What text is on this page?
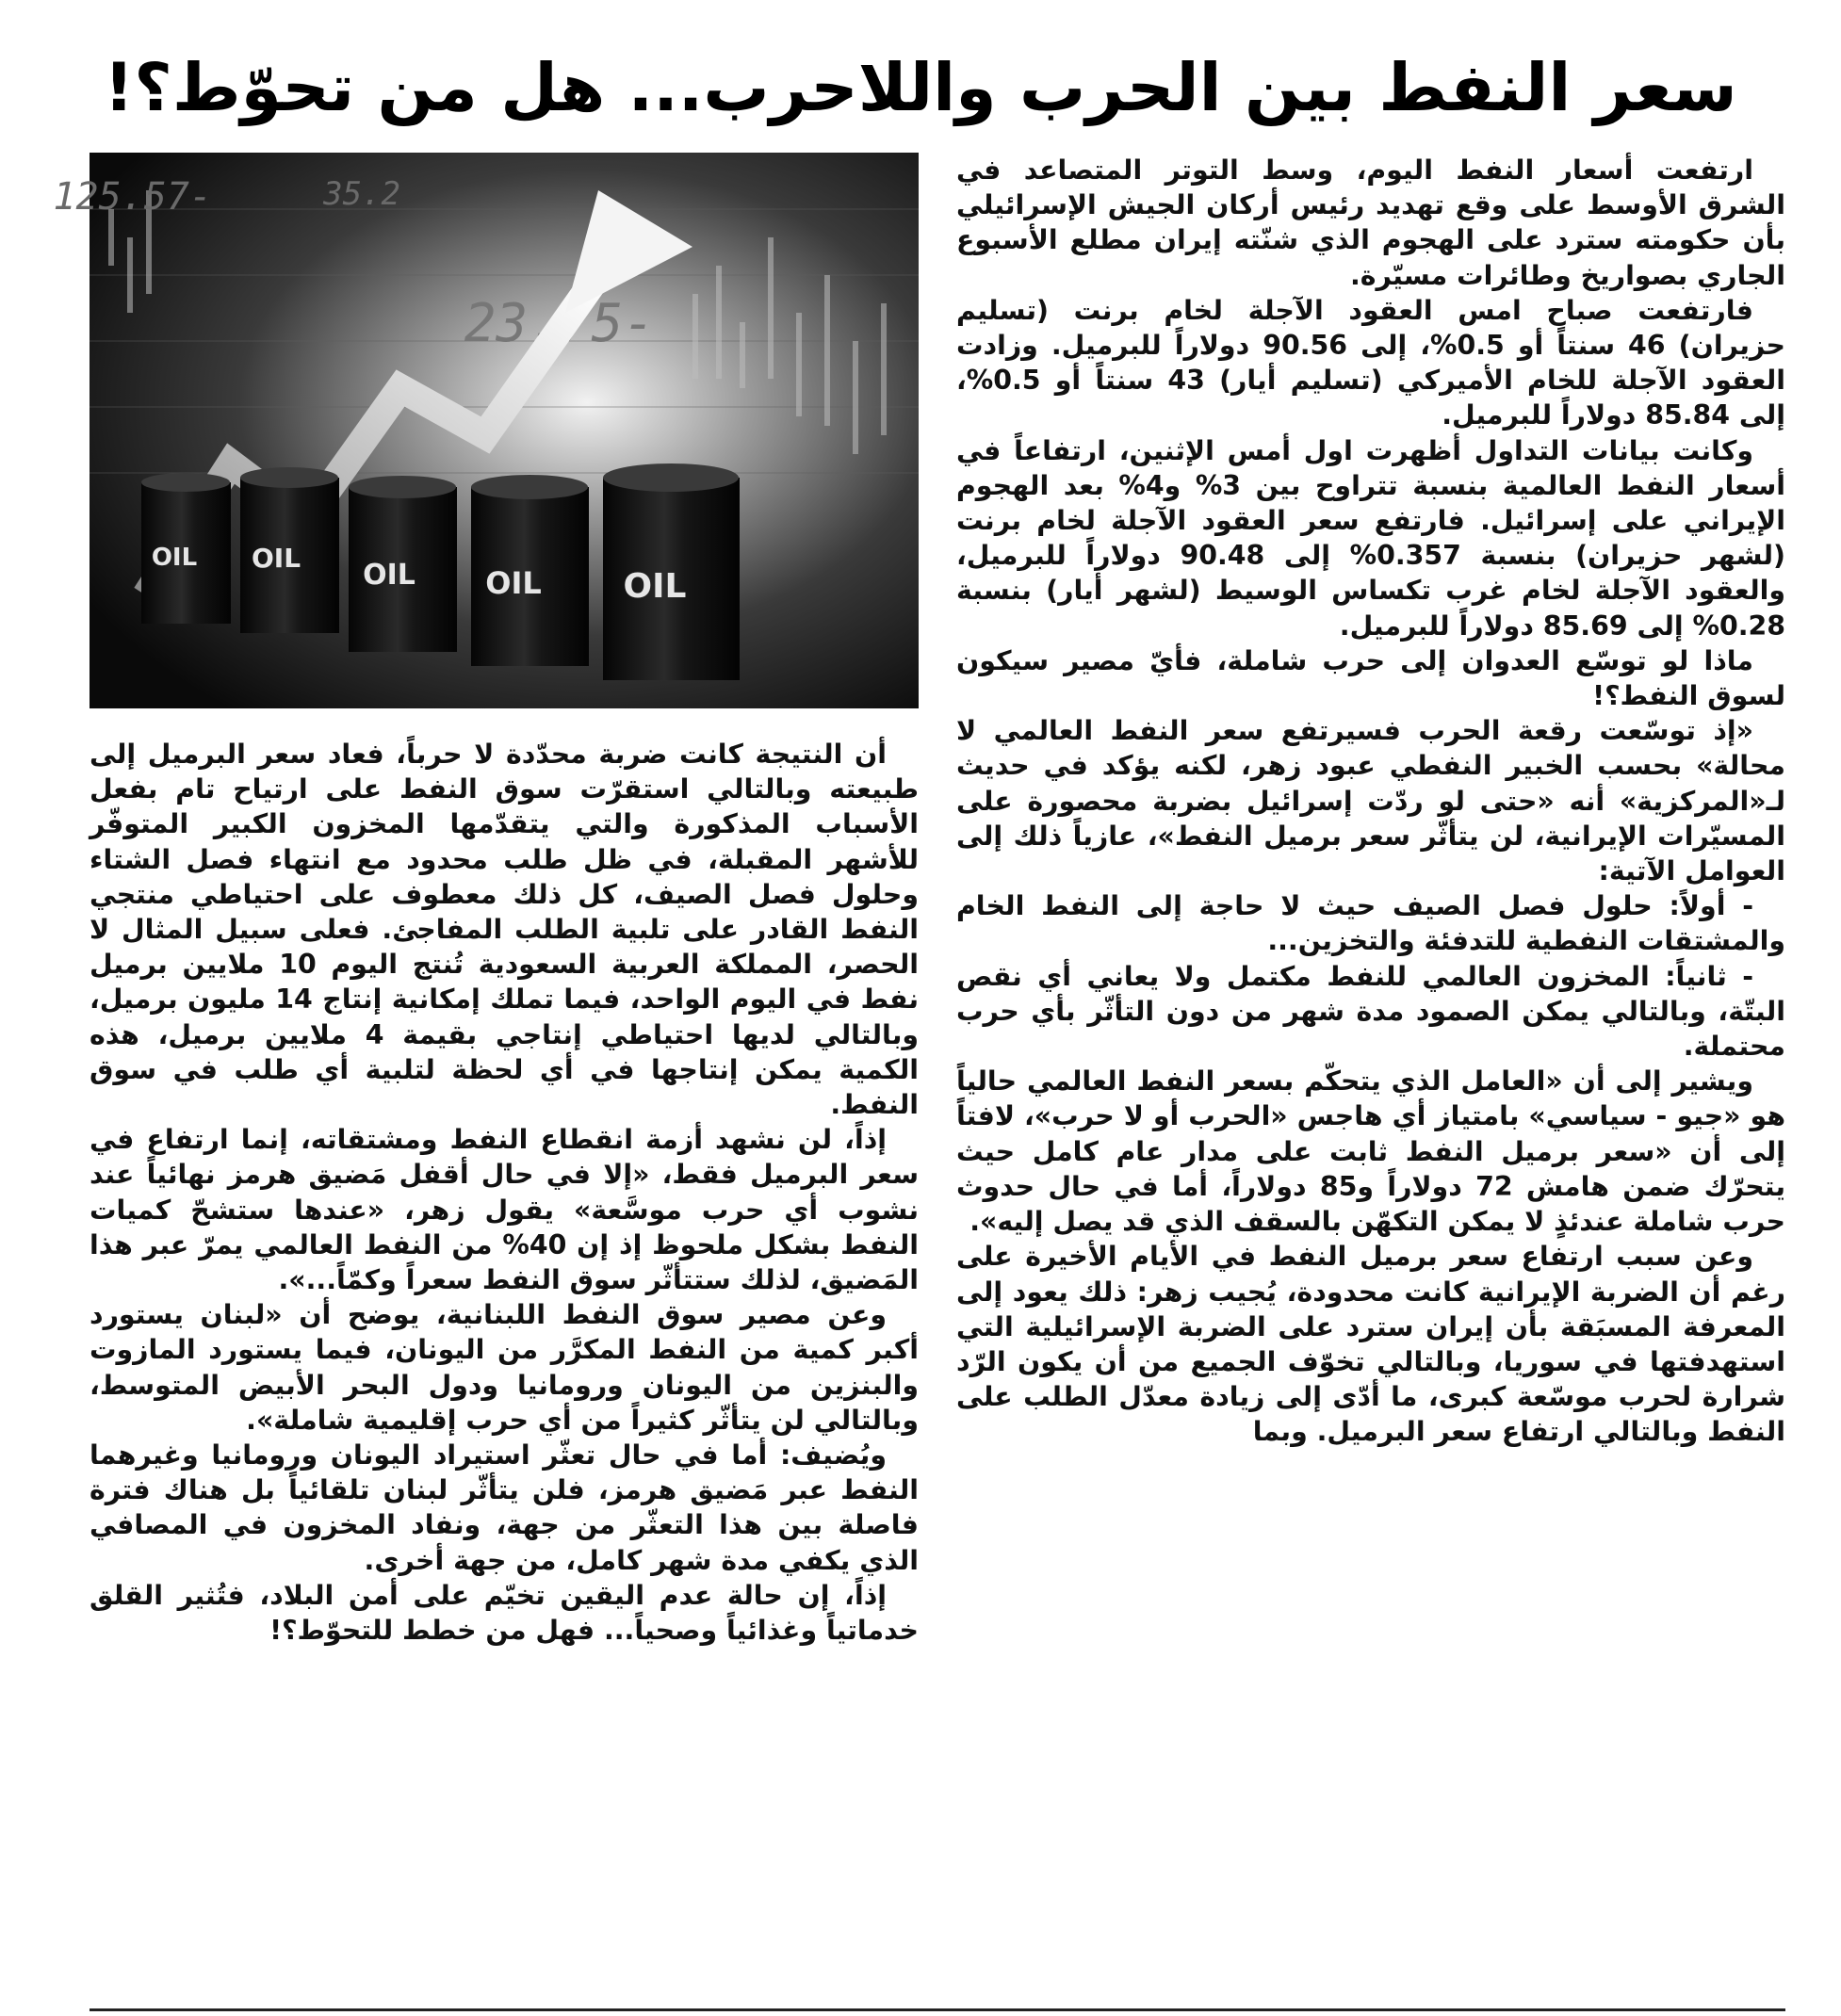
سعر النفط بين الحرب واللاحرب... هل من تحوّط؟!
-125.57	35.2
-23.75
OIL OIL
OIL OIL OIL

ارتفعت أسعار النفط اليوم، وسط التوتر المتصاعد في الشرق الأوسط على وقع تهديد رئيس أركان الجيش الإسرائيلي بأن حكومته سترد على الهجوم الذي شنّته إيران مطلع الأسبوع الجاري بصواريخ وطائرات مسيّرة.

فارتفعت صباح امس العقود الآجلة لخام برنت (تسليم حزيران) 46 سنتاً أو 0.5%، إلى 90.56 دولاراً للبرميل. وزادت العقود الآجلة للخام الأميركي (تسليم أيار) 43 سنتاً أو 0.5%، إلى 85.84 دولاراً للبرميل.

وكانت بيانات التداول أظهرت اول أمس الإثنين، ارتفاعاً في أسعار النفط العالمية بنسبة تتراوح بين 3% و4% بعد الهجوم الإيراني على إسرائيل. فارتفع سعر العقود الآجلة لخام برنت (لشهر حزيران) بنسبة 0.357% إلى 90.48 دولاراً للبرميل، والعقود الآجلة لخام غرب تكساس الوسيط (لشهر أيار) بنسبة 0.28% إلى 85.69 دولاراً للبرميل.

ماذا لو توسّع العدوان إلى حرب شاملة، فأيّ مصير سيكون لسوق النفط؟!

«إذ توسّعت رقعة الحرب فسيرتفع سعر النفط العالمي لا محالة» بحسب الخبير النفطي عبود زهر، لكنه يؤكد في حديث لـ«المركزية» أنه «حتى لو ردّت إسرائيل بضربة محصورة على المسيّرات الإيرانية، لن يتأثّر سعر برميل النفط»، عازياً ذلك إلى العوامل الآتية:

- أولاً: حلول فصل الصيف حيث لا حاجة إلى النفط الخام والمشتقات النفطية للتدفئة والتخزين...

- ثانياً: المخزون العالمي للنفط مكتمل ولا يعاني أي نقص البتّة، وبالتالي يمكن الصمود مدة شهر من دون التأثّر بأي حرب محتملة.

ويشير إلى أن «العامل الذي يتحكّم بسعر النفط العالمي حالياً هو «جيو - سياسي» بامتياز أي هاجس «الحرب أو لا حرب»، لافتاً إلى أن «سعر برميل النفط ثابت على مدار عام كامل حيث يتحرّك ضمن هامش 72 دولاراً و85 دولاراً، أما في حال حدوث حرب شاملة عندئذٍ لا يمكن التكهّن بالسقف الذي قد يصل إليه».

وعن سبب ارتفاع سعر برميل النفط في الأيام الأخيرة على رغم أن الضربة الإيرانية كانت محدودة، يُجيب زهر: ذلك يعود إلى المعرفة المسبَقة بأن إيران سترد على الضربة الإسرائيلية التي استهدفتها في سوريا، وبالتالي تخوّف الجميع من أن يكون الرّد شرارة لحرب موسّعة كبرى، ما أدّى إلى زيادة معدّل الطلب على النفط وبالتالي ارتفاع سعر البرميل. وبما

أن النتيجة كانت ضربة محدّدة لا حرباً، فعاد سعر البرميل إلى طبيعته وبالتالي استقرّت سوق النفط على ارتياح تام بفعل الأسباب المذكورة والتي يتقدّمها المخزون الكبير المتوفّر للأشهر المقبلة، في ظل طلب محدود مع انتهاء فصل الشتاء وحلول فصل الصيف، كل ذلك معطوف على احتياطي منتجي النفط القادر على تلبية الطلب المفاجئ. فعلى سبيل المثال لا الحصر، المملكة العربية السعودية تُنتج اليوم 10 ملايين برميل نفط في اليوم الواحد، فيما تملك إمكانية إنتاج 14 مليون برميل، وبالتالي لديها احتياطي إنتاجي بقيمة 4 ملايين برميل، هذه الكمية يمكن إنتاجها في أي لحظة لتلبية أي طلب في سوق النفط.

إذاً، لن نشهد أزمة انقطاع النفط ومشتقاته، إنما ارتفاع في سعر البرميل فقط، «إلا في حال أقفل مَضيق هرمز نهائياً عند نشوب أي حرب موسَّعة» يقول زهر، «عندها ستشحّ كميات النفط بشكل ملحوظ إذ إن 40% من النفط العالمي يمرّ عبر هذا المَضيق، لذلك ستتأثّر سوق النفط سعراً وكمّاً...».

وعن مصير سوق النفط اللبنانية، يوضح أن «لبنان يستورد أكبر كمية من النفط المكرَّر من اليونان، فيما يستورد المازوت والبنزين من اليونان ورومانيا ودول البحر الأبيض المتوسط، وبالتالي لن يتأثّر كثيراً من أي حرب إقليمية شاملة».

ويُضيف: أما في حال تعثّر استيراد اليونان ورومانيا وغيرهما النفط عبر مَضيق هرمز، فلن يتأثّر لبنان تلقائياً بل هناك فترة فاصلة بين هذا التعثّر من جهة، ونفاد المخزون في المصافي الذي يكفي مدة شهر كامل، من جهة أخرى.

إذاً، إن حالة عدم اليقين تخيّم على أمن البلاد، فتُثير القلق خدماتياً وغذائياً وصحياً... فهل من خطط للتحوّط؟!
